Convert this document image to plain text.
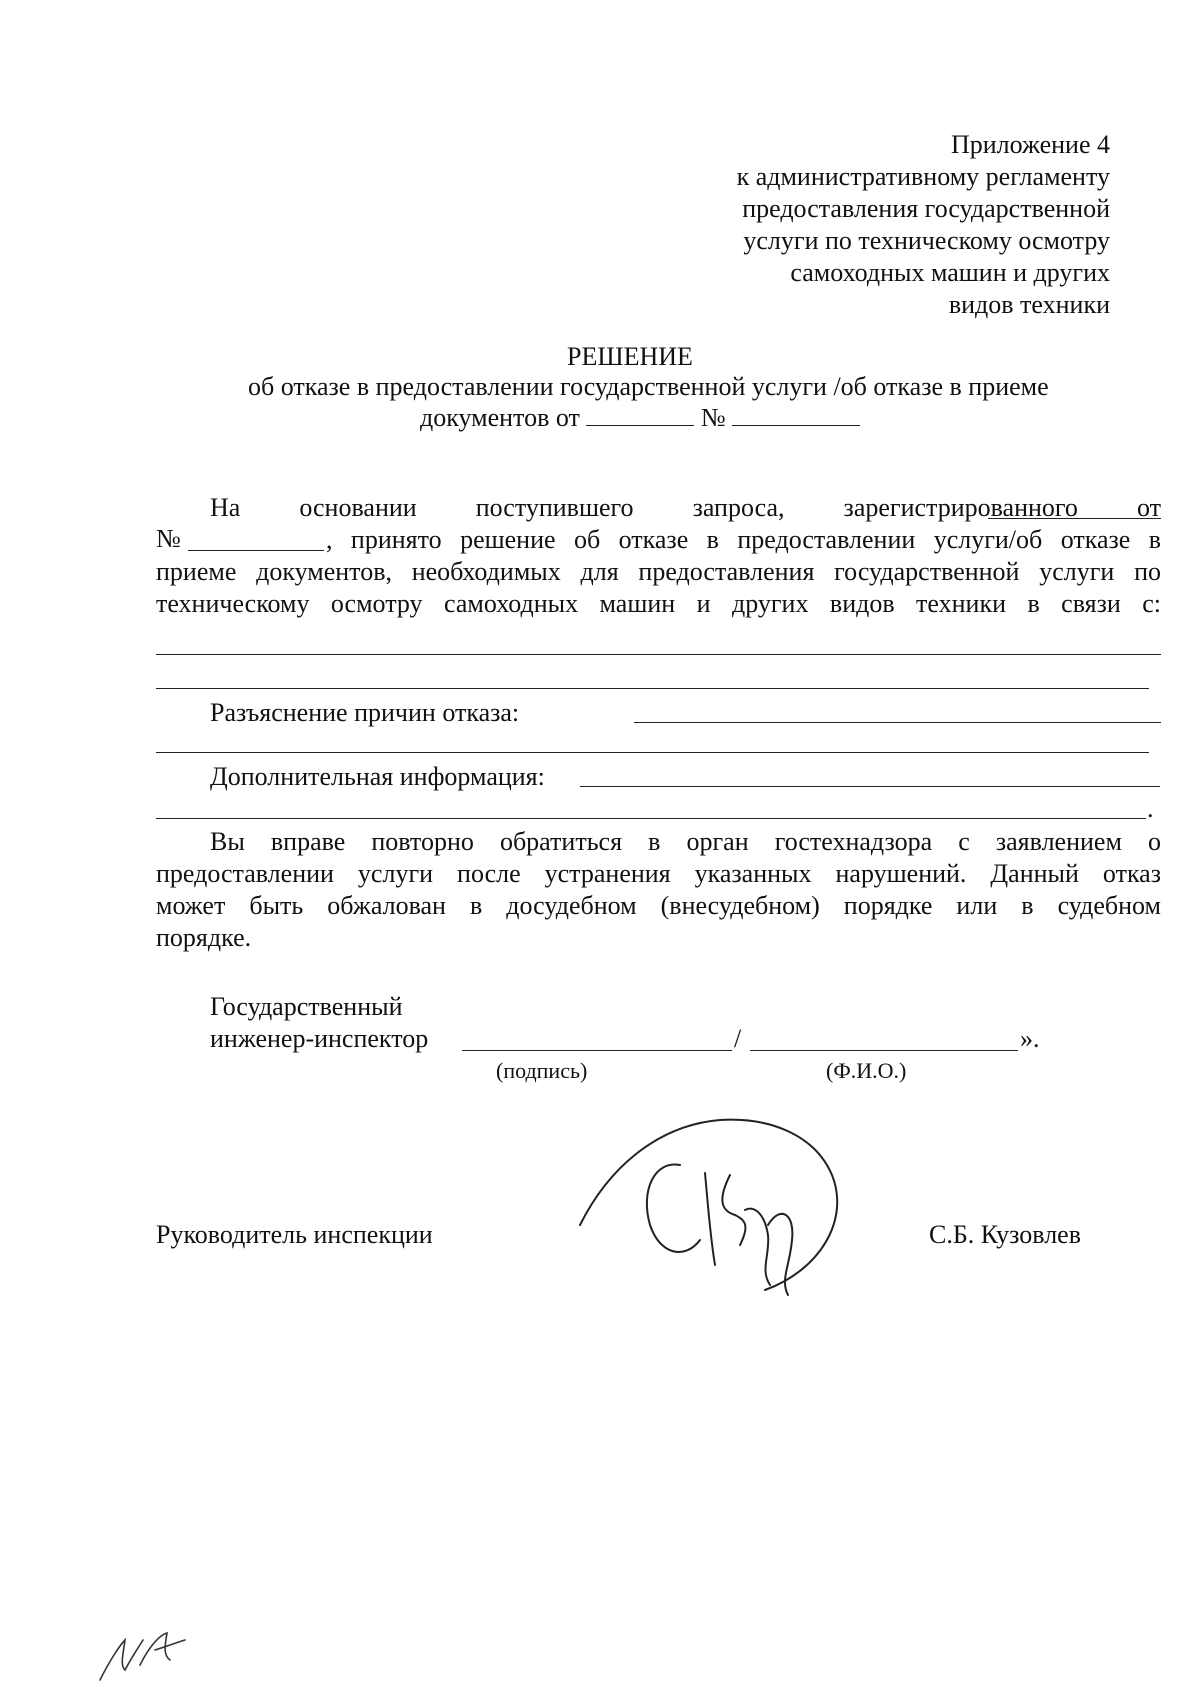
Приложение 4
к административному регламенту
предоставления государственной
услуги по техническому осмотру
самоходных машин и других
видов техники
РЕШЕНИЕ
об отказе в предоставлении государственной услуги /об отказе в приеме
документов от	№
На основании поступившего запроса, зарегистрированного от
№	, принято решение об отказе в предоставлении услуги/об отказе в
приеме документов, необходимых для предоставления государственной услуги по
техническому осмотру самоходных машин и других видов техники в связи с:
Разъяснение причин отказа:
Дополнительная информация:
.
Вы вправе повторно обратиться в орган гостехнадзора с заявлением о
предоставлении услуги после устранения указанных нарушений. Данный отказ
может быть обжалован в досудебном (внесудебном) порядке или в судебном
порядке.
Государственный
инженер-инспектор	/	».
(подпись)	(Ф.И.О.)
Руководитель инспекции	С.Б. Кузовлев
